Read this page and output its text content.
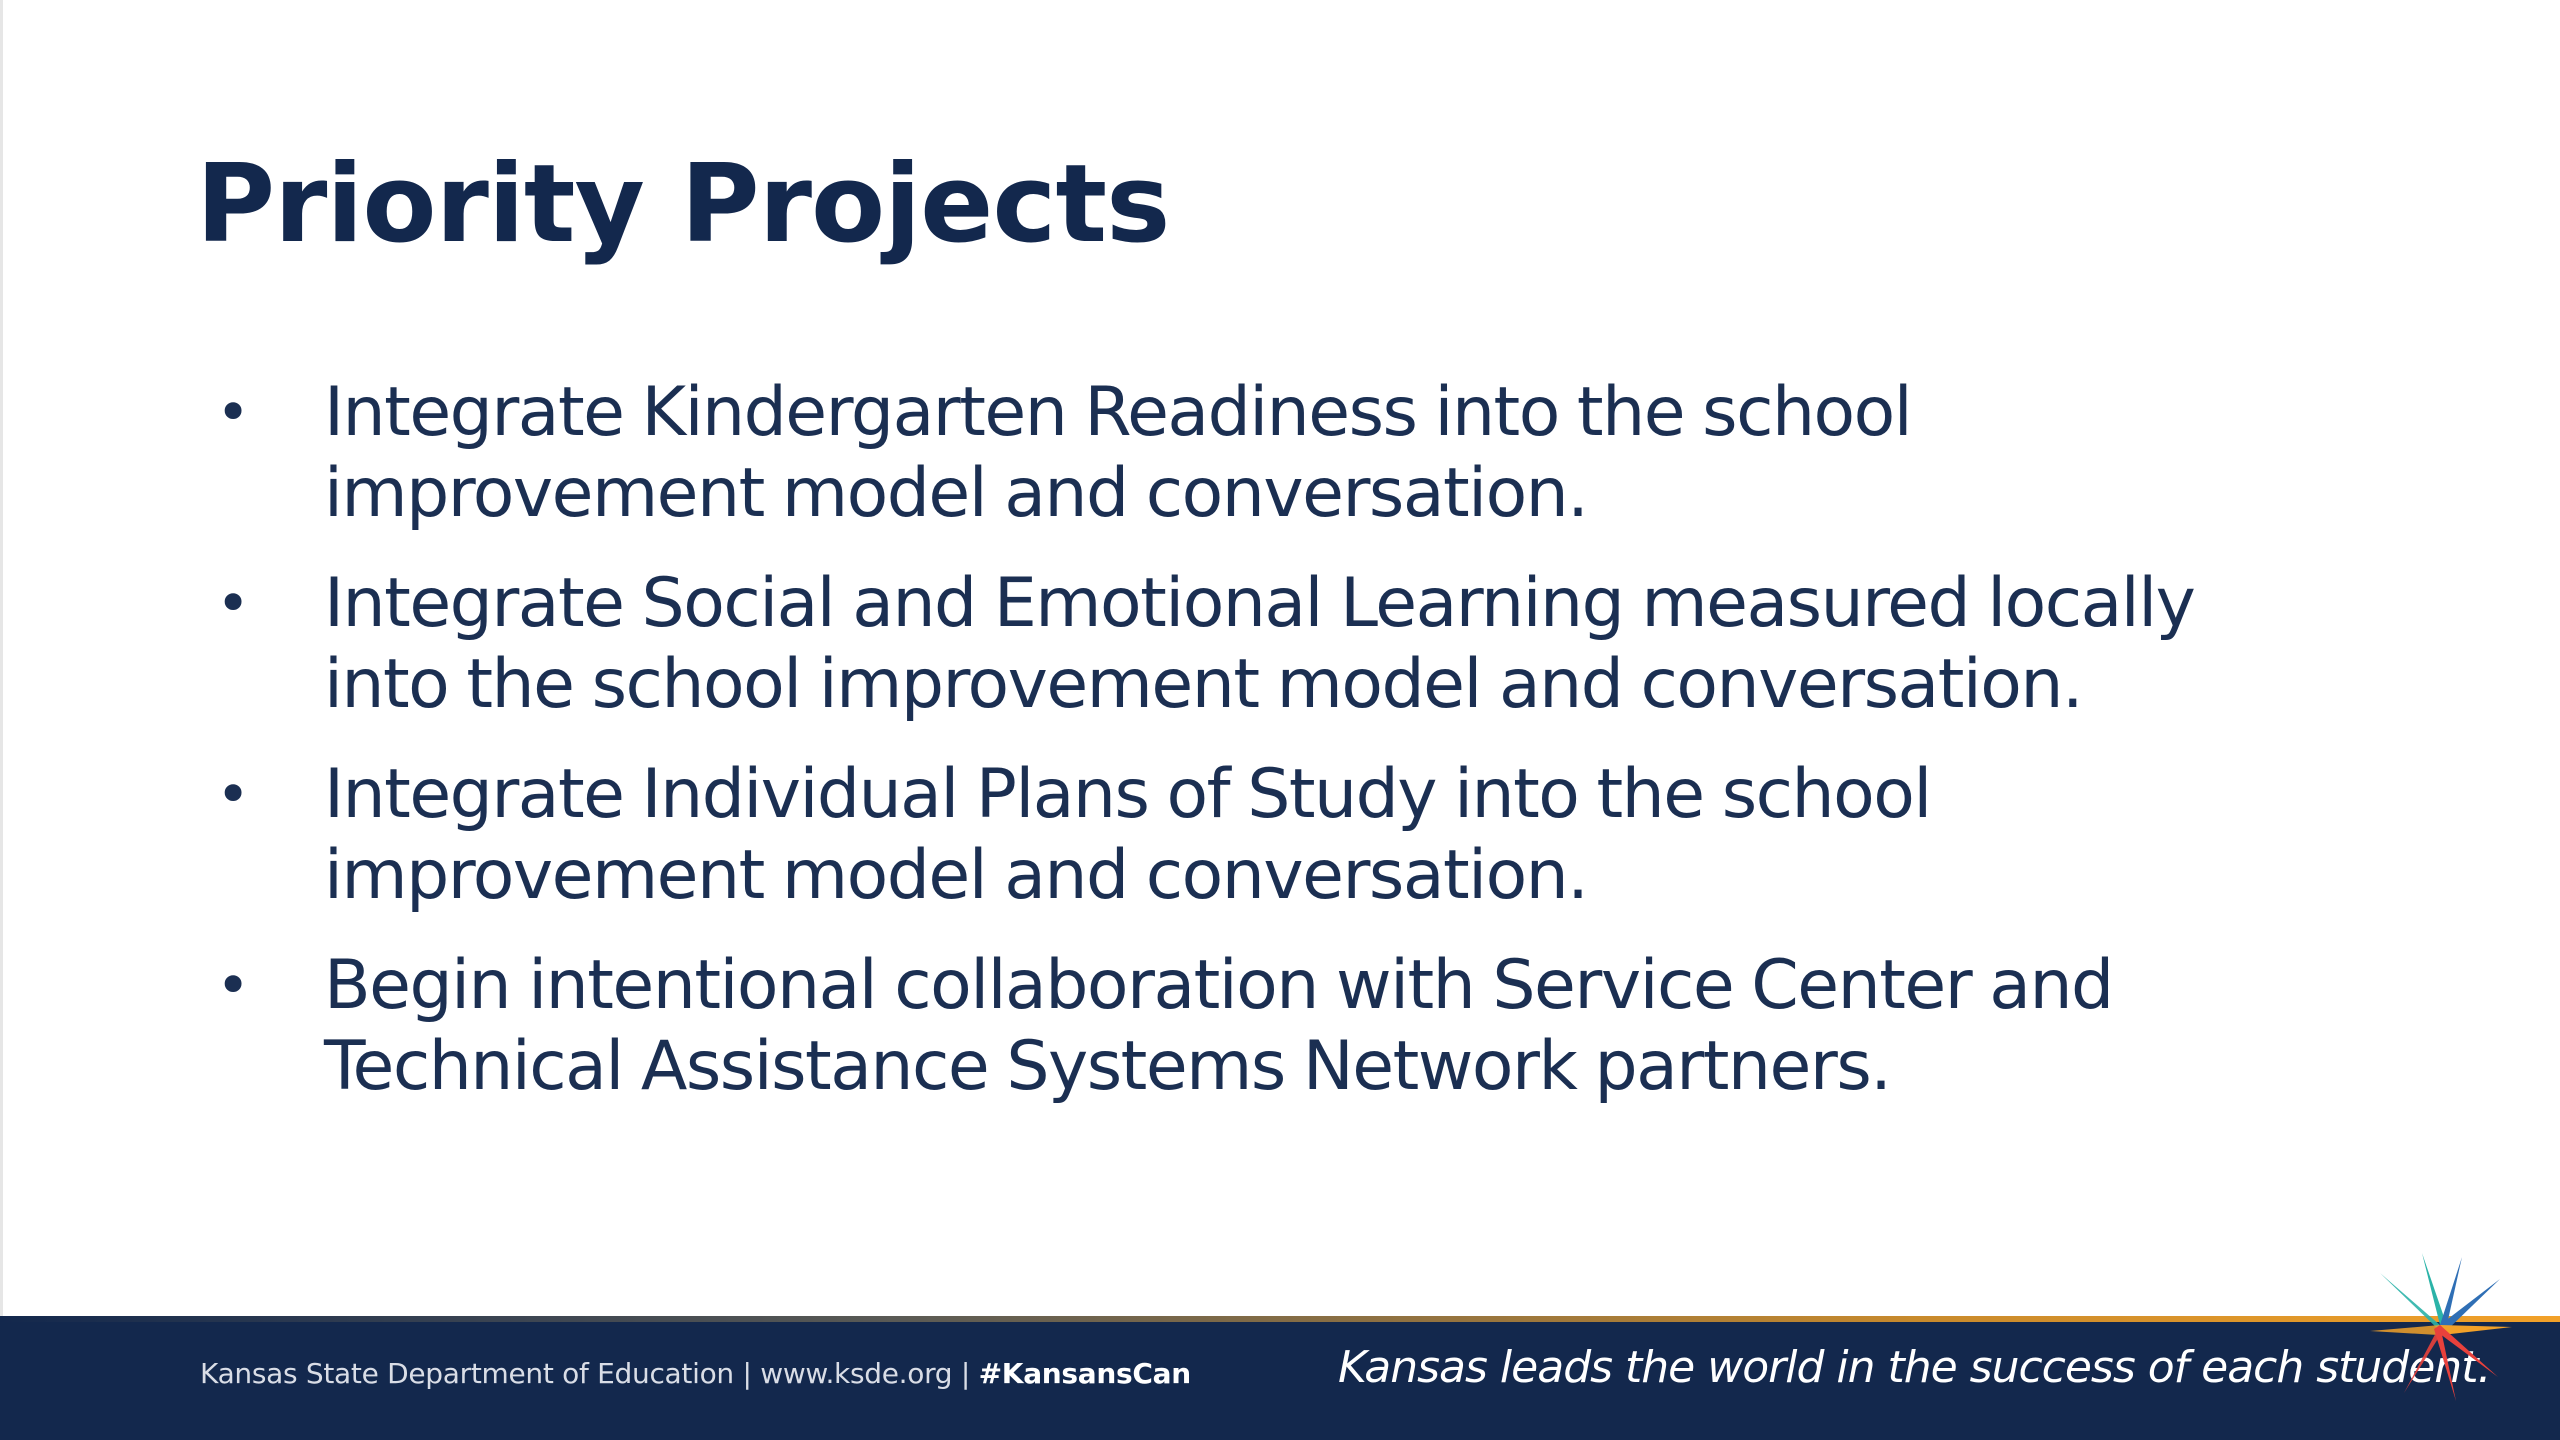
Priority Projects
•	Integrate Kindergarten Readiness into the school
improvement model and conversation.
•	Integrate Social and Emotional Learning measured locally
into the school improvement model and conversation.
•	Integrate Individual Plans of Study into the school
improvement model and conversation.
•	Begin intentional collaboration with Service Center and
Technical Assistance Systems Network partners.
Kansas State Department of Education | www.ksde.org | #KansansCan	Kansas leads the world in the success of each student.
